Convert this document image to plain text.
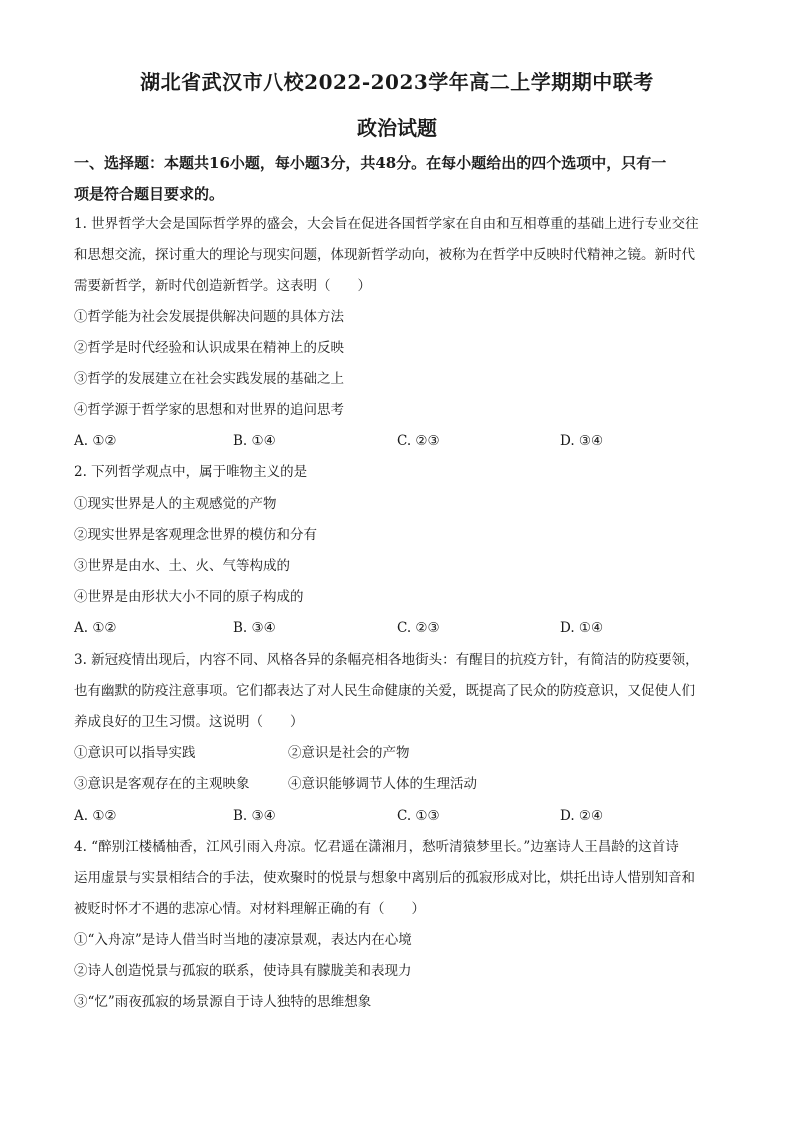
湖北省武汉市八校2022-2023学年高二上学期期中联考
政治试题
一、选择题：本题共16小题，每小题3分，共48分。在每小题给出的四个选项中，只有一
项是符合题目要求的。
1. 世界哲学大会是国际哲学界的盛会，大会旨在促进各国哲学家在自由和互相尊重的基础上进行专业交往
和思想交流，探讨重大的理论与现实问题，体现新哲学动向，被称为在哲学中反映时代精神之镜。新时代
需要新哲学，新时代创造新哲学。这表明（　　）
①哲学能为社会发展提供解决问题的具体方法
②哲学是时代经验和认识成果在精神上的反映
③哲学的发展建立在社会实践发展的基础之上
④哲学源于哲学家的思想和对世界的追问思考
A. ①②	B. ①④	C. ②③	D. ③④
2. 下列哲学观点中，属于唯物主义的是
①现实世界是人的主观感觉的产物
②现实世界是客观理念世界的模仿和分有
③世界是由水、土、火、气等构成的
④世界是由形状大小不同的原子构成的
A. ①②	B. ③④	C. ②③	D. ①④
3. 新冠疫情出现后，内容不同、风格各异的条幅亮相各地街头：有醒目的抗疫方针，有简洁的防疫要领，
也有幽默的防疫注意事项。它们都表达了对人民生命健康的关爱，既提高了民众的防疫意识，又促使人们
养成良好的卫生习惯。这说明（　　）
①意识可以指导实践	②意识是社会的产物
③意识是客观存在的主观映象	④意识能够调节人体的生理活动
A. ①②	B. ③④	C. ①③	D. ②④
4. “醉别江楼橘柚香，江风引雨入舟凉。忆君遥在潇湘月，愁听清猿梦里长。”边塞诗人王昌龄的这首诗
运用虚景与实景相结合的手法，使欢聚时的悦景与想象中离别后的孤寂形成对比，烘托出诗人惜别知音和
被贬时怀才不遇的悲凉心情。对材料理解正确的有（　　）
①“入舟凉”是诗人借当时当地的凄凉景观，表达内在心境
②诗人创造悦景与孤寂的联系，使诗具有朦胧美和表现力
③“忆”雨夜孤寂的场景源自于诗人独特的思维想象
